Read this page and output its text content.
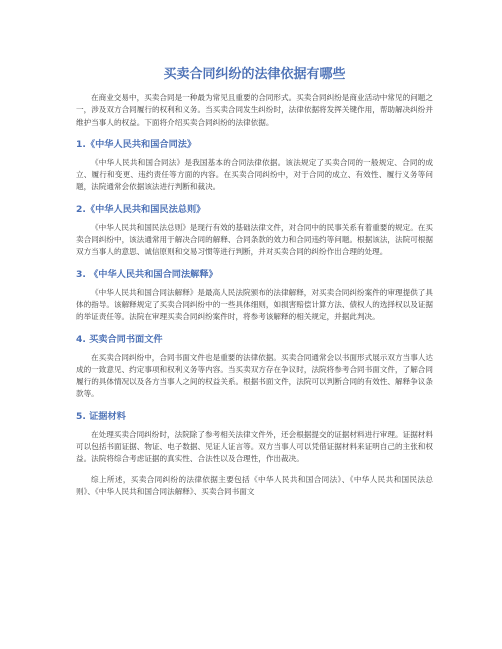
买卖合同纠纷的法律依据有哪些

在商业交易中，买卖合同是一种最为常见且重要的合同形式。买卖合同纠纷是商业活动中常见的问题之一，涉及双方合同履行的权利和义务。当买卖合同发生纠纷时，法律依据将发挥关键作用，帮助解决纠纷并维护当事人的权益。下面将介绍买卖合同纠纷的法律依据。

1.《中华人民共和国合同法》

《中华人民共和国合同法》是我国基本的合同法律依据。该法规定了买卖合同的一般规定、合同的成立、履行和变更、违约责任等方面的内容。在买卖合同纠纷中，对于合同的成立、有效性、履行义务等问题，法院通常会依据该法进行判断和裁决。

2.《中华人民共和国民法总则》

《中华人民共和国民法总则》是现行有效的基础法律文件，对合同中的民事关系有着重要的规定。在买卖合同纠纷中，该法通常用于解决合同的解释、合同条款的效力和合同违约等问题。根据该法，法院可根据双方当事人的意思、诚信原则和交易习惯等进行判断，并对买卖合同的纠纷作出合理的处理。

3. 《中华人民共和国合同法解释》

《中华人民共和国合同法解释》是最高人民法院颁布的法律解释，对买卖合同纠纷案件的审理提供了具体的指导。该解释规定了买卖合同纠纷中的一些具体细则，如损害赔偿计算方法、债权人的选择权以及证据的举证责任等。法院在审理买卖合同纠纷案件时，将参考该解释的相关规定，并据此判决。

4. 买卖合同书面文件

在买卖合同纠纷中，合同书面文件也是重要的法律依据。买卖合同通常会以书面形式展示双方当事人达成的一致意见、约定事项和权利义务等内容。当买卖双方存在争议时，法院将参考合同书面文件，了解合同履行的具体情况以及各方当事人之间的权益关系。根据书面文件，法院可以判断合同的有效性、解释争议条款等。

5. 证据材料

在处理买卖合同纠纷时，法院除了参考相关法律文件外，还会根据提交的证据材料进行审理。证据材料可以包括书面证据、物证、电子数据、见证人证言等。双方当事人可以凭借证据材料来证明自己的主张和权益。法院将综合考虑证据的真实性、合法性以及合理性，作出裁决。

综上所述，买卖合同纠纷的法律依据主要包括《中华人民共和国合同法》、《中华人民共和国民法总则》、《中华人民共和国合同法解释》、买卖合同书面文
